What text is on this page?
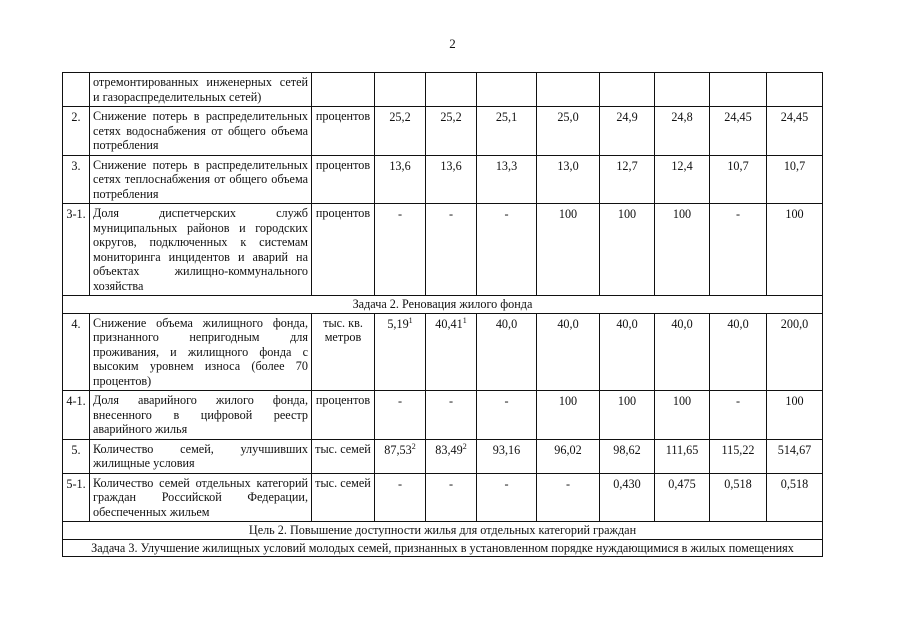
2
	отремонтированных инженерных сетей и газораспределительных сетей)									
2.	Снижение потерь в распределительных сетях водоснабжения от общего объема потребления	процентов	25,2	25,2	25,1	25,0	24,9	24,8	24,45	24,45
3.	Снижение потерь в распределительных сетях теплоснабжения от общего объема потребления	процентов	13,6	13,6	13,3	13,0	12,7	12,4	10,7	10,7
3-1.	Доля диспетчерских служб муниципальных районов и городских округов, подключенных к системам мониторинга инцидентов и аварий на объектах жилищно-коммунального хозяйства	процентов	-	-	-	100	100	100	-	100
Задача 2. Реновация жилого фонда										
4.	Снижение объема жилищного фонда, признанного непригодным для проживания, и жилищного фонда с высоким уровнем износа (более 70 процентов)	тыс. кв. метров	5,19$^1$	40,41$^1$	40,0	40,0	40,0	40,0	40,0	200,0
4-1.	Доля аварийного жилого фонда, внесенного в цифровой реестр аварийного жилья	процентов	-	-	-	100	100	100	-	100
5.	Количество семей, улучшивших жилищные условия	тыс. семей	87,53$^2$	83,49$^2$	93,16	96,02	98,62	111,65	115,22	514,67
5-1.	Количество семей отдельных категорий граждан Российской Федерации, обеспеченных жильем	тыс. семей	-	-	-	-	0,430	0,475	0,518	0,518
Цель 2. Повышение доступности жилья для отдельных категорий граждан										
Задача 3. Улучшение жилищных условий молодых семей, признанных в установленном порядке нуждающимися в жилых помещениях										
